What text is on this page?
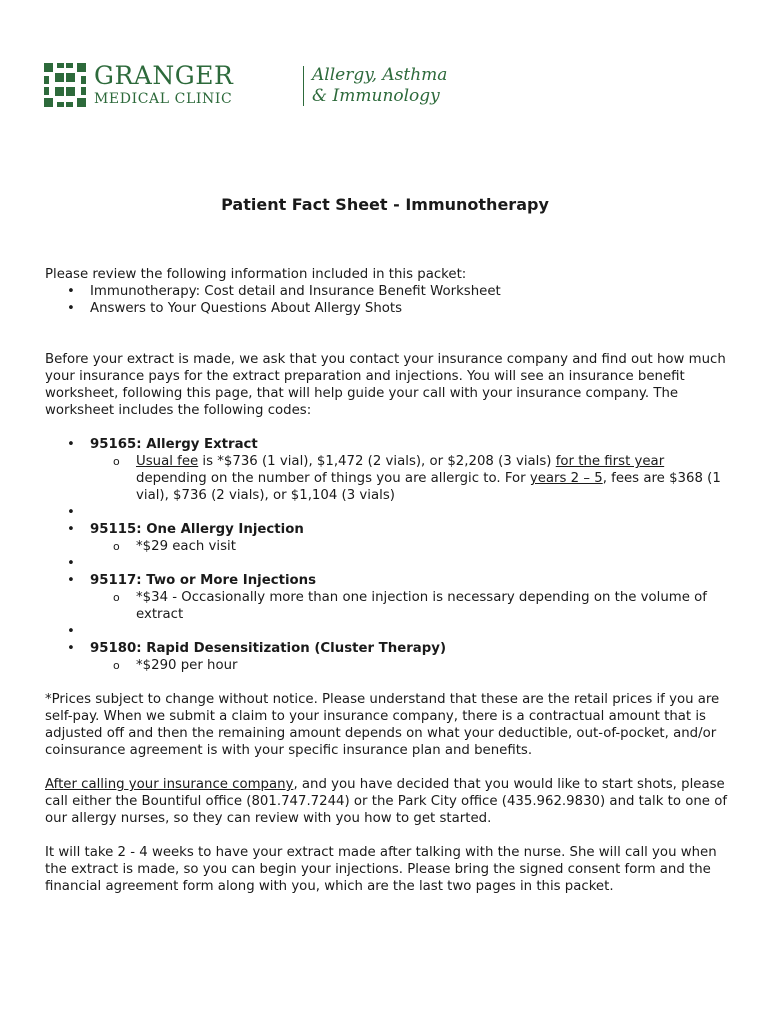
GRANGER
MEDICAL CLINIC
Allergy, Asthma
& Immunology
Patient Fact Sheet - Immunotherapy

Please review the following information included in this packet:

• Immunotherapy: Cost detail and Insurance Benefit Worksheet
• Answers to Your Questions About Allergy Shots

Before your extract is made, we ask that you contact your insurance company and find out how much your insurance pays for the extract preparation and injections. You will see an insurance benefit worksheet, following this page, that will help guide your call with your insurance company. The worksheet includes the following codes:

• 95165: Allergy Extract
o Usual fee is *$736 (1 vial), $1,472 (2 vials), or $2,208 (3 vials) for the first year depending on the number of things you are allergic to. For years 2 – 5, fees are $368 (1 vial), $736 (2 vials), or $1,104 (3 vials)
•
• 95115: One Allergy Injection
o *$29 each visit
•
• 95117: Two or More Injections
o *$34 - Occasionally more than one injection is necessary depending on the volume of extract
•
• 95180: Rapid Desensitization (Cluster Therapy)
o *$290 per hour

*Prices subject to change without notice. Please understand that these are the retail prices if you are self-pay. When we submit a claim to your insurance company, there is a contractual amount that is adjusted off and then the remaining amount depends on what your deductible, out-of-pocket, and/or coinsurance agreement is with your specific insurance plan and benefits.

After calling your insurance company, and you have decided that you would like to start shots, please call either the Bountiful office (801.747.7244) or the Park City office (435.962.9830) and talk to one of our allergy nurses, so they can review with you how to get started.

It will take 2 - 4 weeks to have your extract made after talking with the nurse. She will call you when the extract is made, so you can begin your injections. Please bring the signed consent form and the financial agreement form along with you, which are the last two pages in this packet.
